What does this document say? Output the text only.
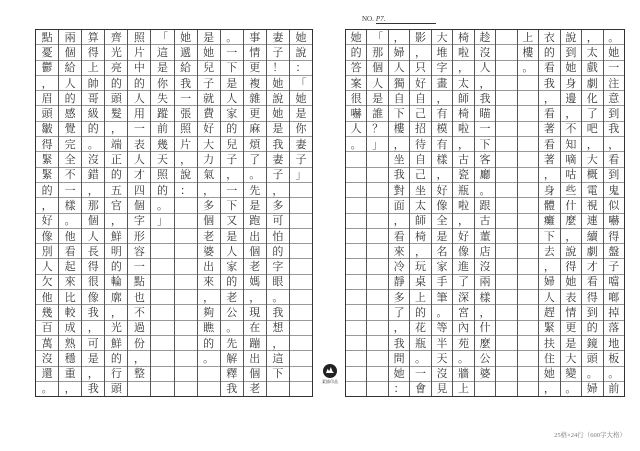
NO. P7.
她
說
：
「
她
是
你
妻
子
」
妻
子
！
她
說
她
是
我
妻
子
，
多
可
怕
的
字
眼
。
我
想
，
這
下
事
情
更
複
雜
更
麻
煩
了
。
先
是
跑
出
個
老
媽
，
現
在
蹦
出
個
老
。
一
下
是
人
家
的
兒
子
，
一
下
又
是
人
家
的
老
公
。
先
解
釋
我
是
她
兒
子
就
費
好
大
力
氣
，
多
個
老
婆
出
來
，
夠
瞧
的
。
她
遞
給
我
一
張
照
片
，
說
：
「
這
是
你
失
蹤
前
幾
天
照
的
。
」
照
片
中
的
人
用
一
表
人
才
四
個
字
形
容
一
點
也
不
過
份
，
整
齊
光
亮
的
頭
髮
，
端
正
的
五
官
，
鮮
明
的
輪
廓
，
光
鮮
的
行
頭
算
得
上
帥
哥
級
的
。
沒
錯
，
那
個
人
長
得
很
像
我
，
可
是
，
我
兩
個
給
人
的
感
覺
完
全
不
一
樣
。
他
看
起
來
比
較
成
熟
穩
重
，
點
憂
鬱
，
眉
頭
皺
得
緊
緊
的
，
好
像
別
人
欠
他
幾
百
萬
沒
還
。
素描印品
。
她
一
注
意
到
我
，
看
到
鬼
似
嚇
得
盤
子
噹
啷
掉
落
地
板
。
前
，
太
戲
劇
化
了
吧
，
大
概
電
視
連
續
劇
才
看
得
到
的
鏡
頭
。
婦
說
到
她
身
邊
，
不
知
嘀
咕
些
什
麼
，
說
得
她
表
情
更
是
大
變
。
衣
的
看
我
，
看
著
看
著
，
身
體
癱
下
去
，
婦
人
趕
緊
扶
住
她
，
上
樓
。
趁
沒
人
，
我
瞄
一
下
客
廳
。
跟
古
董
店
沒
兩
樣
，
什
麼
公
婆
椅
啦
，
太
師
椅
啦
，
古
瓷
瓶
啦
，
好
像
進
了
深
宮
內
苑
。
牆
上
大
堆
字
畫
，
有
模
有
樣
，
好
像
全
是
名
家
手
筆
。
等
半
天
沒
見
影
，
只
好
自
己
招
待
自
己
坐
太
師
椅
，
玩
桌
上
的
花
瓶
。
一
會
，
婦
人
獨
自
下
樓
，
坐
我
對
面
，
看
來
冷
靜
多
了
，
我
問
她
：
「
那
個
人
是
誰
？
」
她
的
答
案
很
嚇
人
。
25格×24行（600字大格）
